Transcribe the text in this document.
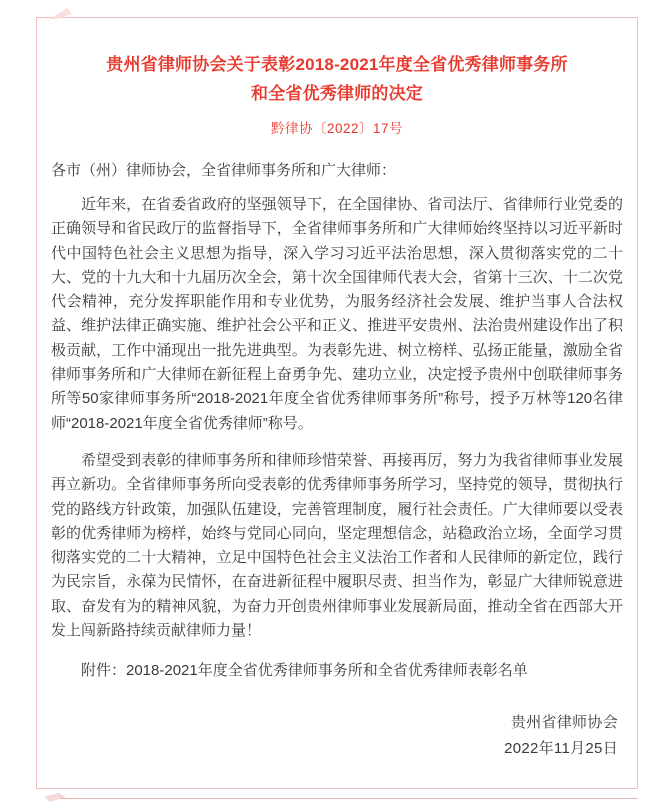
贵州省律师协会关于表彰2018-2021年度全省优秀律师事务所
和全省优秀律师的决定
黔律协〔2022〕17号
各市（州）律师协会，全省律师事务所和广大律师：

近年来，在省委省政府的坚强领导下，在全国律协、省司法厅、省律师行业党委的正确领导和省民政厅的监督指导下，全省律师事务所和广大律师始终坚持以习近平新时代中国特色社会主义思想为指导，深入学习习近平法治思想，深入贯彻落实党的二十大、党的十九大和十九届历次全会，第十次全国律师代表大会，省第十三次、十二次党代会精神，充分发挥职能作用和专业优势，为服务经济社会发展、维护当事人合法权益、维护法律正确实施、维护社会公平和正义、推进平安贵州、法治贵州建设作出了积极贡献，工作中涌现出一批先进典型。为表彰先进、树立榜样、弘扬正能量，激励全省律师事务所和广大律师在新征程上奋勇争先、建功立业，决定授予贵州中创联律师事务所等50家律师事务所“2018-2021年度全省优秀律师事务所”称号，授予万林等120名律师“2018-2021年度全省优秀律师”称号。

希望受到表彰的律师事务所和律师珍惜荣誉、再接再厉，努力为我省律师事业发展再立新功。全省律师事务所向受表彰的优秀律师事务所学习，坚持党的领导，贯彻执行党的路线方针政策，加强队伍建设，完善管理制度，履行社会责任。广大律师要以受表彰的优秀律师为榜样，始终与党同心同向，坚定理想信念，站稳政治立场，全面学习贯彻落实党的二十大精神，立足中国特色社会主义法治工作者和人民律师的新定位，践行为民宗旨，永葆为民情怀，在奋进新征程中履职尽责、担当作为，彰显广大律师锐意进取、奋发有为的精神风貌，为奋力开创贵州律师事业发展新局面，推动全省在西部大开发上闯新路持续贡献律师力量！

附件：2018-2021年度全省优秀律师事务所和全省优秀律师表彰名单
贵州省律师协会
2022年11月25日
